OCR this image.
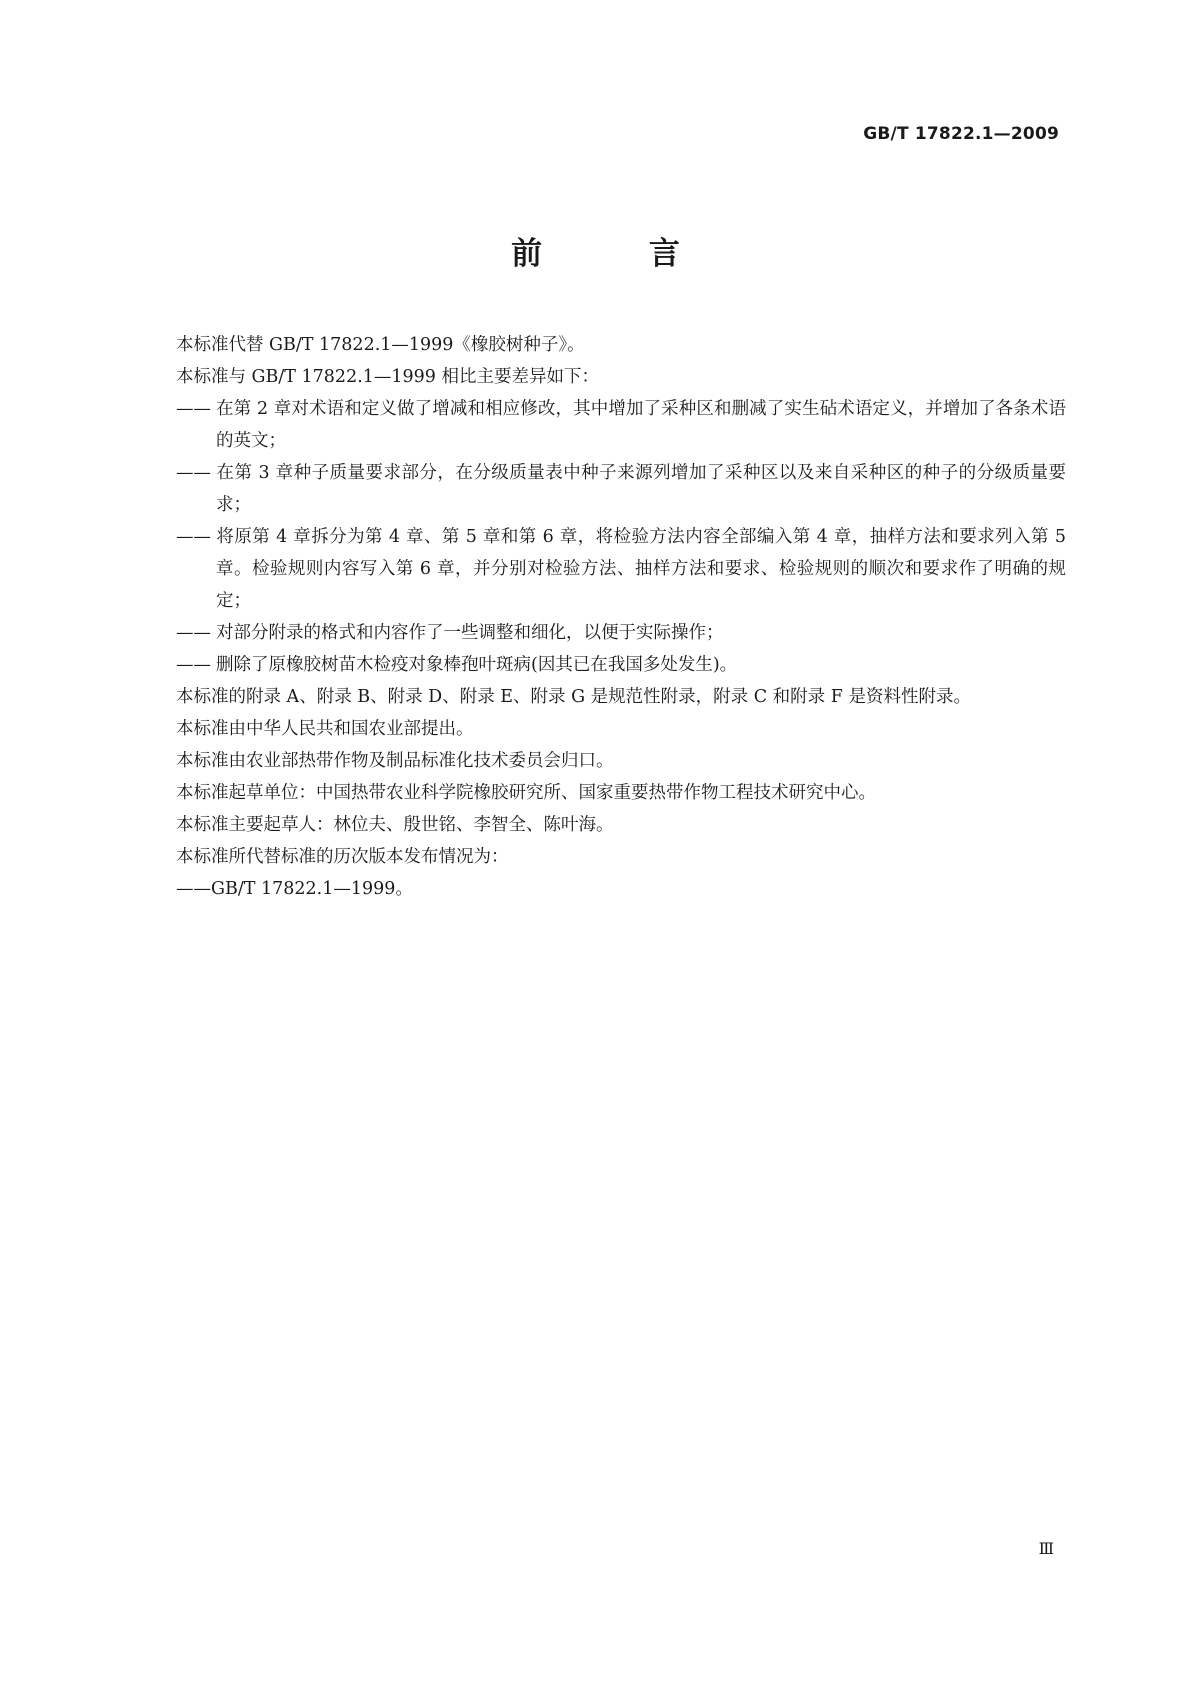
GB/T 17822.1—2009
前 言

本标准代替 GB/T 17822.1—1999《橡胶树种子》。

本标准与 GB/T 17822.1—1999 相比主要差异如下：

—— 在第 2 章对术语和定义做了增减和相应修改，其中增加了采种区和删减了实生砧术语定义，并增加了各条术语的英文；

—— 在第 3 章种子质量要求部分，在分级质量表中种子来源列增加了采种区以及来自采种区的种子的分级质量要求；

—— 将原第 4 章拆分为第 4 章、第 5 章和第 6 章，将检验方法内容全部编入第 4 章，抽样方法和要求列入第 5 章。检验规则内容写入第 6 章，并分别对检验方法、抽样方法和要求、检验规则的顺次和要求作了明确的规定；

—— 对部分附录的格式和内容作了一些调整和细化，以便于实际操作；

—— 删除了原橡胶树苗木检疫对象棒孢叶斑病(因其已在我国多处发生)。

本标准的附录 A、附录 B、附录 D、附录 E、附录 G 是规范性附录，附录 C 和附录 F 是资料性附录。

本标准由中华人民共和国农业部提出。

本标准由农业部热带作物及制品标准化技术委员会归口。

本标准起草单位：中国热带农业科学院橡胶研究所、国家重要热带作物工程技术研究中心。

本标准主要起草人：林位夫、殷世铭、李智全、陈叶海。

本标准所代替标准的历次版本发布情况为：

——GB/T 17822.1—1999。

Ⅲ
